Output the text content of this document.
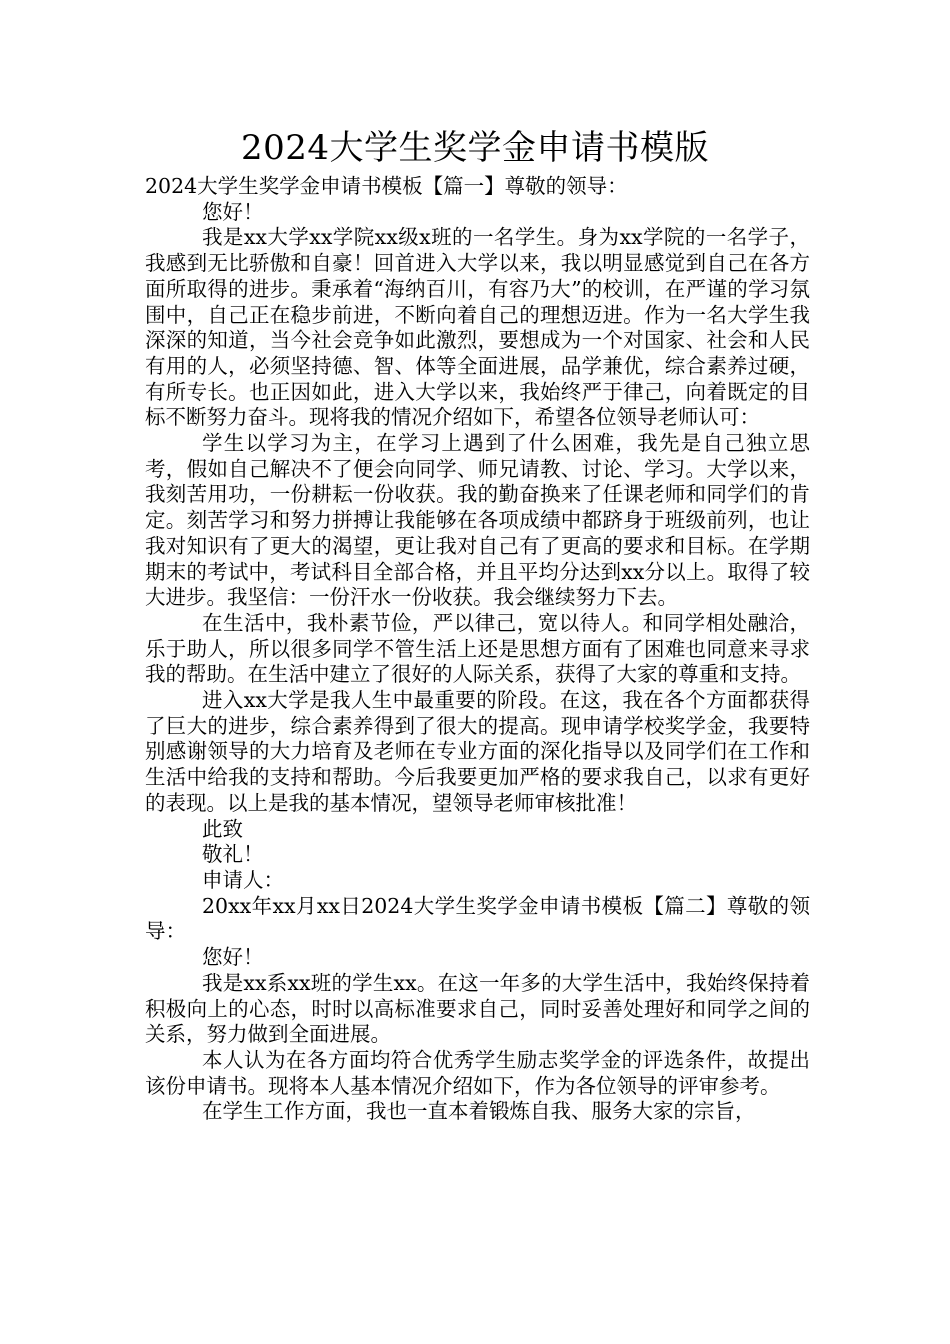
2024大学生奖学金申请书模版

2024大学生奖学金申请书模板【篇一】尊敬的领导：

您好！

我是xx大学xx学院xx级x班的一名学生。身为xx学院的一名学子，我感到无比骄傲和自豪！回首进入大学以来，我以明显感觉到自己在各方面所取得的进步。秉承着“海纳百川，有容乃大”的校训，在严谨的学习氛围中，自己正在稳步前进，不断向着自己的理想迈进。作为一名大学生我深深的知道，当今社会竞争如此激烈，要想成为一个对国家、社会和人民有用的人，必须坚持德、智、体等全面进展，品学兼优，综合素养过硬，有所专长。也正因如此，进入大学以来，我始终严于律己，向着既定的目标不断努力奋斗。现将我的情况介绍如下，希望各位领导老师认可：

学生以学习为主，在学习上遇到了什么困难，我先是自己独立思考，假如自己解决不了便会向同学、师兄请教、讨论、学习。大学以来，我刻苦用功，一份耕耘一份收获。我的勤奋换来了任课老师和同学们的肯定。刻苦学习和努力拼搏让我能够在各项成绩中都跻身于班级前列，也让我对知识有了更大的渴望，更让我对自己有了更高的要求和目标。在学期期末的考试中，考试科目全部合格，并且平均分达到xx分以上。取得了较大进步。我坚信：一份汗水一份收获。我会继续努力下去。

在生活中，我朴素节俭，严以律己，宽以待人。和同学相处融洽，乐于助人，所以很多同学不管生活上还是思想方面有了困难也同意来寻求我的帮助。在生活中建立了很好的人际关系，获得了大家的尊重和支持。

进入xx大学是我人生中最重要的阶段。在这，我在各个方面都获得了巨大的进步，综合素养得到了很大的提高。现申请学校奖学金，我要特别感谢领导的大力培育及老师在专业方面的深化指导以及同学们在工作和生活中给我的支持和帮助。今后我要更加严格的要求我自己，以求有更好的表现。以上是我的基本情况，望领导老师审核批准！

此致

敬礼！

申请人：

20xx年xx月xx日2024大学生奖学金申请书模板【篇二】尊敬的领导：

您好！

我是xx系xx班的学生xx。在这一年多的大学生活中，我始终保持着积极向上的心态，时时以高标准要求自己，同时妥善处理好和同学之间的关系，努力做到全面进展。

本人认为在各方面均符合优秀学生励志奖学金的评选条件，故提出该份申请书。现将本人基本情况介绍如下，作为各位领导的评审参考。

在学生工作方面，我也一直本着锻炼自我、服务大家的宗旨，
